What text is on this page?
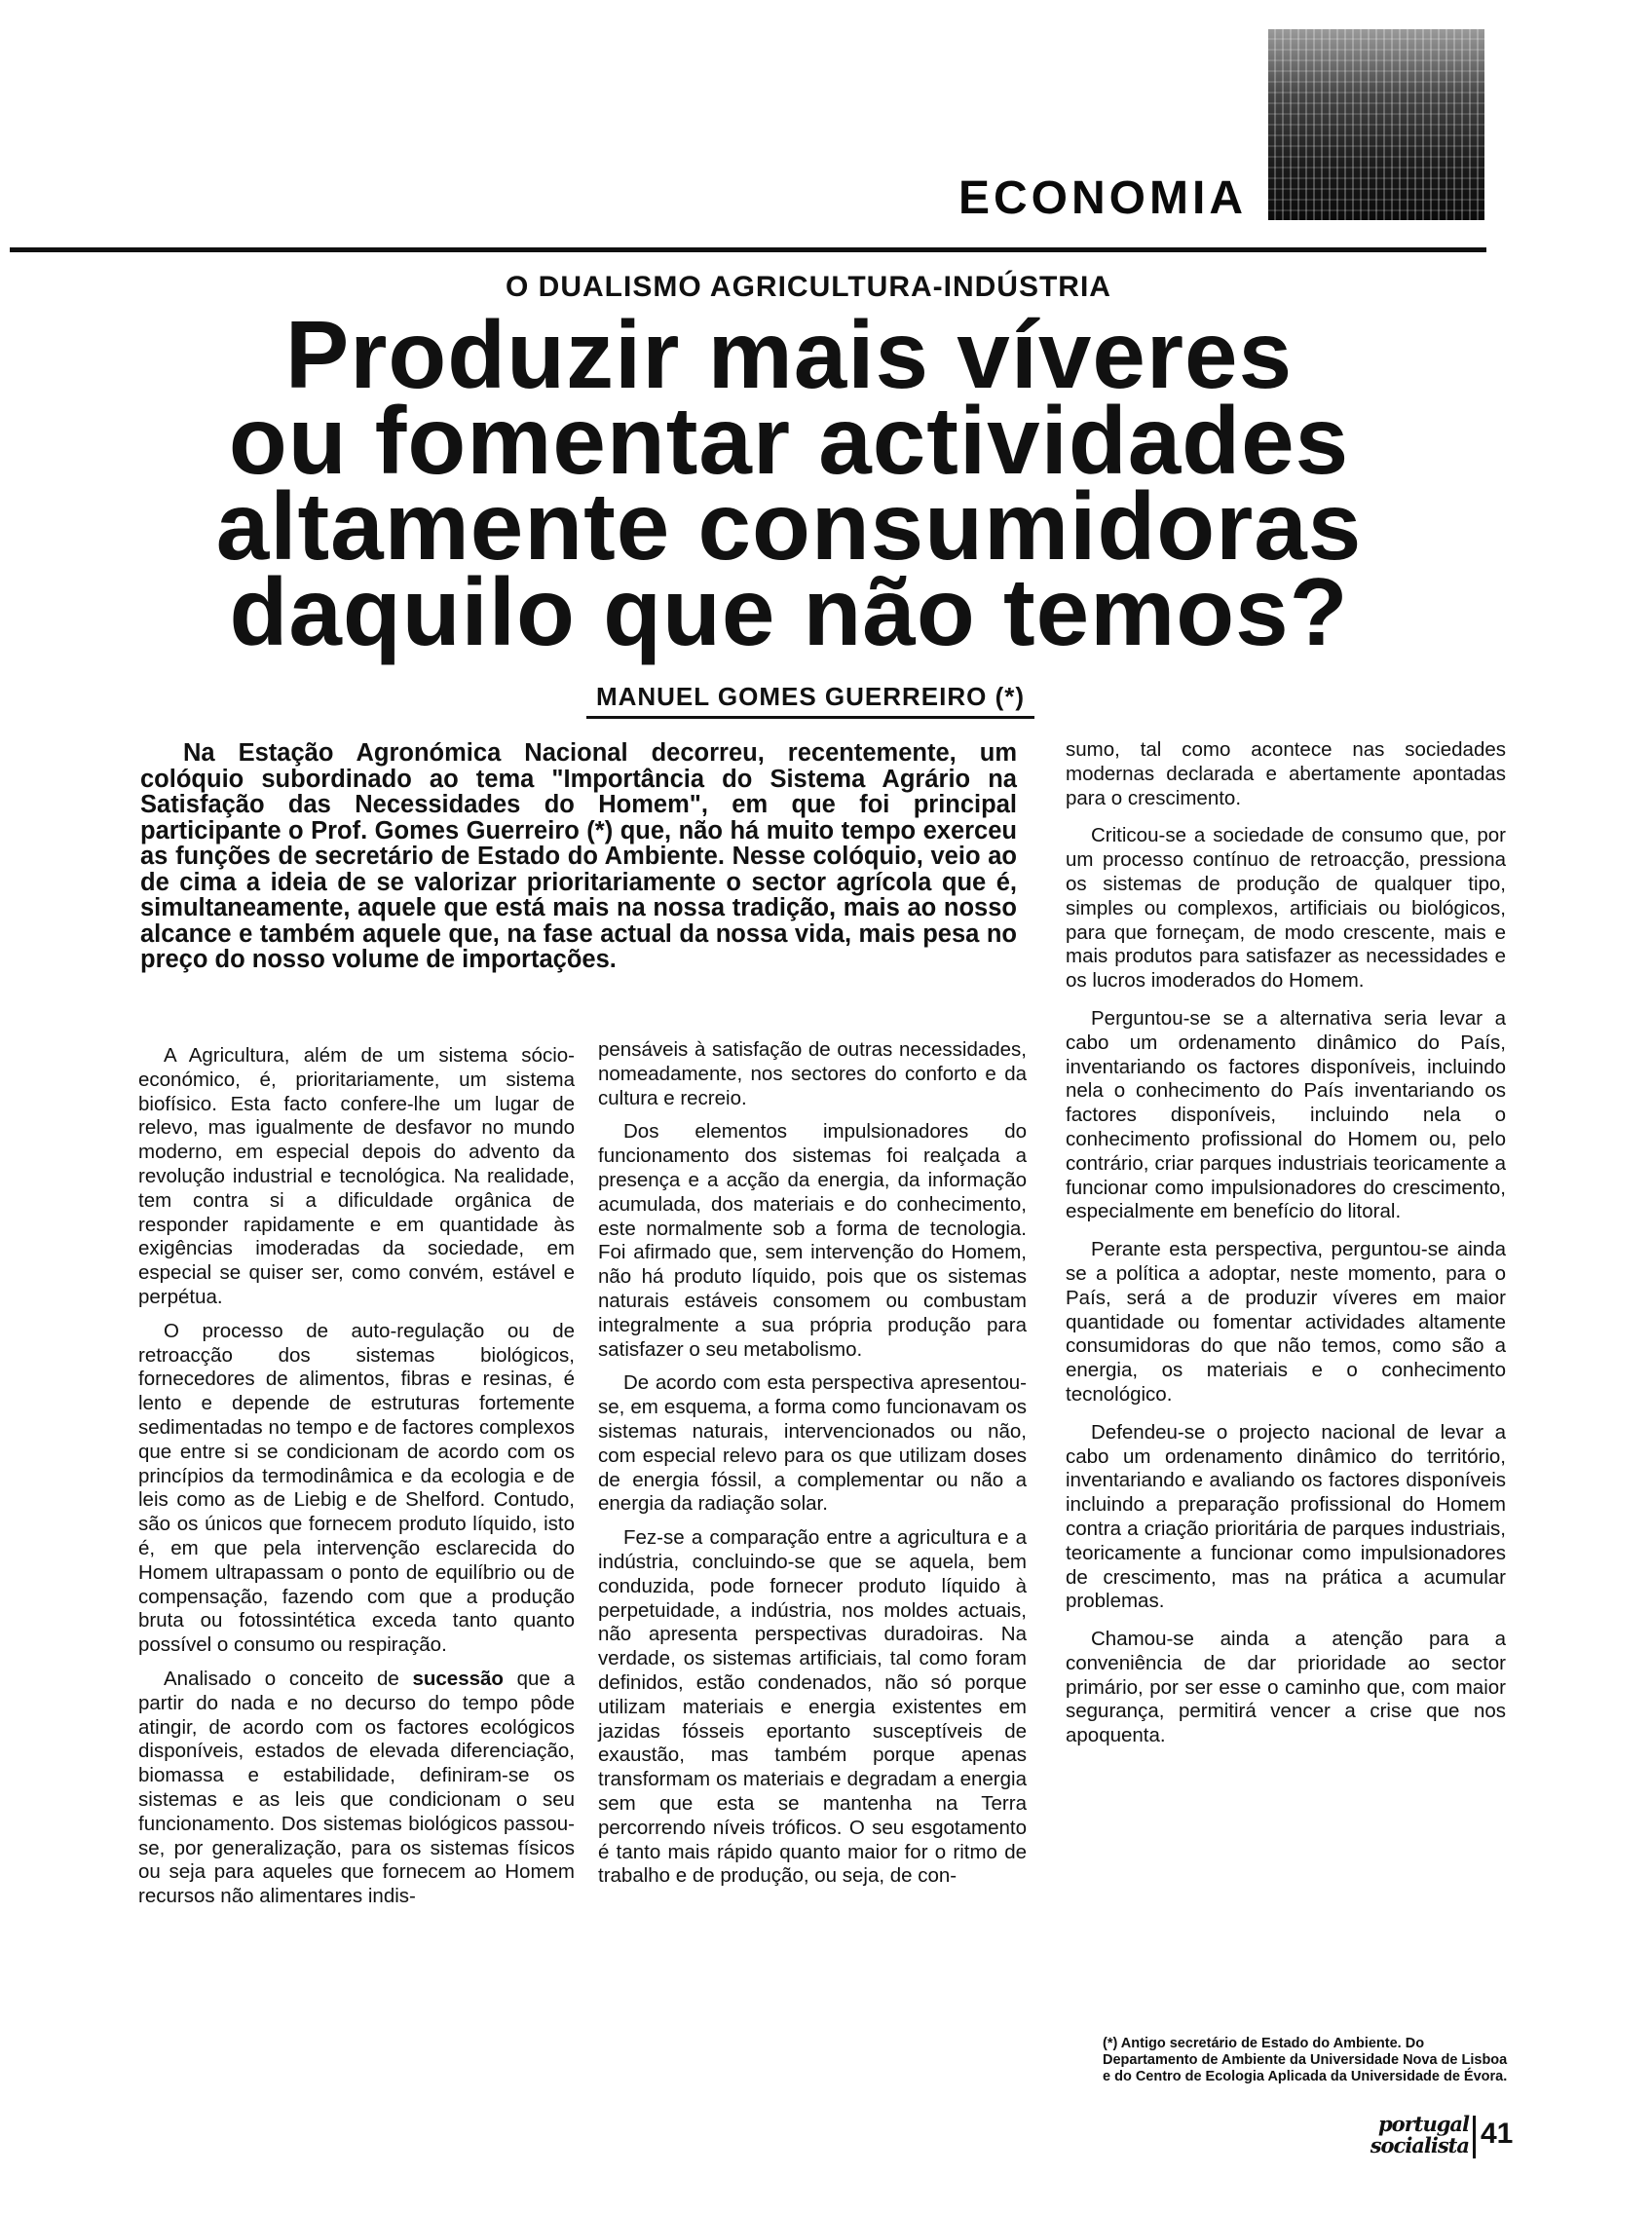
ECONOMIA
O DUALISMO AGRICULTURA-INDÚSTRIA
Produzir mais víveres
ou fomentar actividades
altamente consumidoras
daquilo que não temos?
MANUEL GOMES GUERREIRO (*)

Na Estação Agronómica Nacional decorreu, recentemente, um colóquio subordinado ao tema "Importância do Sistema Agrário na Satisfação das Necessidades do Homem", em que foi principal participante o Prof. Gomes Guerreiro (*) que, não há muito tempo exerceu as funções de secretário de Estado do Ambiente. Nesse colóquio, veio ao de cima a ideia de se valorizar prioritariamente o sector agrícola que é, simultaneamente, aquele que está mais na nossa tradição, mais ao nosso alcance e também aquele que, na fase actual da nossa vida, mais pesa no preço do nosso volume de importações.

A Agricultura, além de um sistema sócio-económico, é, prioritariamente, um sistema biofísico. Esta facto confere-lhe um lugar de relevo, mas igualmente de desfavor no mundo moderno, em especial depois do advento da revolução industrial e tecnológica. Na realidade, tem contra si a dificuldade orgânica de responder rapidamente e em quantidade às exigências imoderadas da sociedade, em especial se quiser ser, como convém, estável e perpétua.

O processo de auto-regulação ou de retroacção dos sistemas biológicos, fornecedores de alimentos, fibras e resinas, é lento e depende de estruturas fortemente sedimentadas no tempo e de factores complexos que entre si se condicionam de acordo com os princípios da termodinâmica e da ecologia e de leis como as de Liebig e de Shelford. Contudo, são os únicos que fornecem produto líquido, isto é, em que pela intervenção esclarecida do Homem ultrapassam o ponto de equilíbrio ou de compensação, fazendo com que a produção bruta ou fotossintética exceda tanto quanto possível o consumo ou respiração.

Analisado o conceito de sucessão que a partir do nada e no decurso do tempo pôde atingir, de acordo com os factores ecológicos disponíveis, estados de elevada diferenciação, biomassa e estabilidade, definiram-se os sistemas e as leis que condicionam o seu funcionamento. Dos sistemas biológicos passou-se, por generalização, para os sistemas físicos ou seja para aqueles que fornecem ao Homem recursos não alimentares indis-

pensáveis à satisfação de outras necessidades, nomeadamente, nos sectores do conforto e da cultura e recreio.

Dos elementos impulsionadores do funcionamento dos sistemas foi realçada a presença e a acção da energia, da informação acumulada, dos materiais e do conhecimento, este normalmente sob a forma de tecnologia. Foi afirmado que, sem intervenção do Homem, não há produto líquido, pois que os sistemas naturais estáveis consomem ou combustam integralmente a sua própria produção para satisfazer o seu metabolismo.

De acordo com esta perspectiva apresentou-se, em esquema, a forma como funcionavam os sistemas naturais, intervencionados ou não, com especial relevo para os que utilizam doses de energia fóssil, a complementar ou não a energia da radiação solar.

Fez-se a comparação entre a agricultura e a indústria, concluindo-se que se aquela, bem conduzida, pode fornecer produto líquido à perpetuidade, a indústria, nos moldes actuais, não apresenta perspectivas duradoiras. Na verdade, os sistemas artificiais, tal como foram definidos, estão condenados, não só porque utilizam materiais e energia existentes em jazidas fósseis eportanto susceptíveis de exaustão, mas também porque apenas transformam os materiais e degradam a energia sem que esta se mantenha na Terra percorrendo níveis tróficos. O seu esgotamento é tanto mais rápido quanto maior for o ritmo de trabalho e de produção, ou seja, de con-

sumo, tal como acontece nas sociedades modernas declarada e abertamente apontadas para o crescimento.

Criticou-se a sociedade de consumo que, por um processo contínuo de retroacção, pressiona os sistemas de produção de qualquer tipo, simples ou complexos, artificiais ou biológicos, para que forneçam, de modo crescente, mais e mais produtos para satisfazer as necessidades e os lucros imoderados do Homem.

Perguntou-se se a alternativa seria levar a cabo um ordenamento dinâmico do País, inventariando os factores disponíveis, incluindo nela o conhecimento do País inventariando os factores disponíveis, incluindo nela o conhecimento profissional do Homem ou, pelo contrário, criar parques industriais teoricamente a funcionar como impulsionadores do crescimento, especialmente em benefício do litoral.

Perante esta perspectiva, perguntou-se ainda se a política a adoptar, neste momento, para o País, será a de produzir víveres em maior quantidade ou fomentar actividades altamente consumidoras do que não temos, como são a energia, os materiais e o conhecimento tecnológico.

Defendeu-se o projecto nacional de levar a cabo um ordenamento dinâmico do território, inventariando e avaliando os factores disponíveis incluindo a preparação profissional do Homem contra a criação prioritária de parques industriais, teoricamente a funcionar como impulsionadores de crescimento, mas na prática a acumular problemas.

Chamou-se ainda a atenção para a conveniência de dar prioridade ao sector primário, por ser esse o caminho que, com maior segurança, permitirá vencer a crise que nos apoquenta.

(*) Antigo secretário de Estado do Ambiente. Do Departamento de Ambiente da Universidade Nova de Lisboa e do Centro de Ecologia Aplicada da Universidade de Évora.
portugal
socialista 41
